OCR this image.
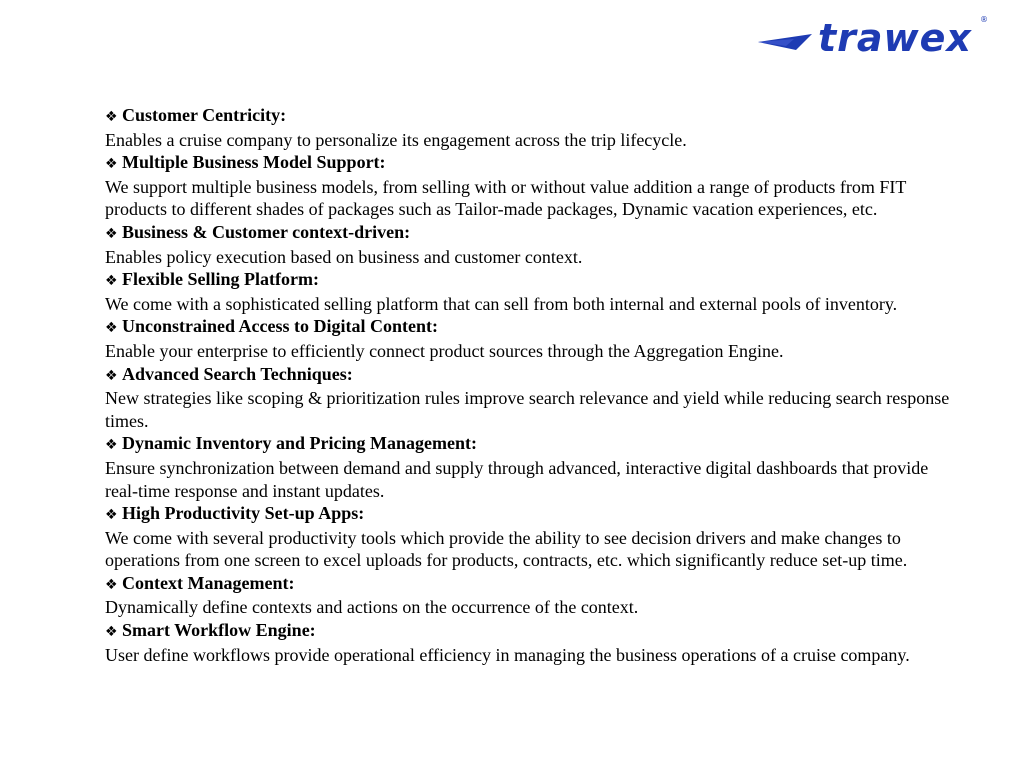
trawex ®
❖ Customer Centricity:

Enables a cruise company to personalize its engagement across the trip lifecycle.

❖ Multiple Business Model Support:

We support multiple business models, from selling with or without value addition a range of products from FIT products to different shades of packages such as Tailor-made packages, Dynamic vacation experiences, etc.

❖ Business & Customer context-driven:

Enables policy execution based on business and customer context.

❖ Flexible Selling Platform:

We come with a sophisticated selling platform that can sell from both internal and external pools of inventory.

❖ Unconstrained Access to Digital Content:

Enable your enterprise to efficiently connect product sources through the Aggregation Engine.

❖ Advanced Search Techniques:

New strategies like scoping & prioritization rules improve search relevance and yield while reducing search response times.

❖ Dynamic Inventory and Pricing Management:

Ensure synchronization between demand and supply through advanced, interactive digital dashboards that provide real-time response and instant updates.

❖ High Productivity Set-up Apps:

We come with several productivity tools which provide the ability to see decision drivers and make changes to operations from one screen to excel uploads for products, contracts, etc. which significantly reduce set-up time.

❖ Context Management:

Dynamically define contexts and actions on the occurrence of the context.

❖ Smart Workflow Engine:

User define workflows provide operational efficiency in managing the business operations of a cruise company.
